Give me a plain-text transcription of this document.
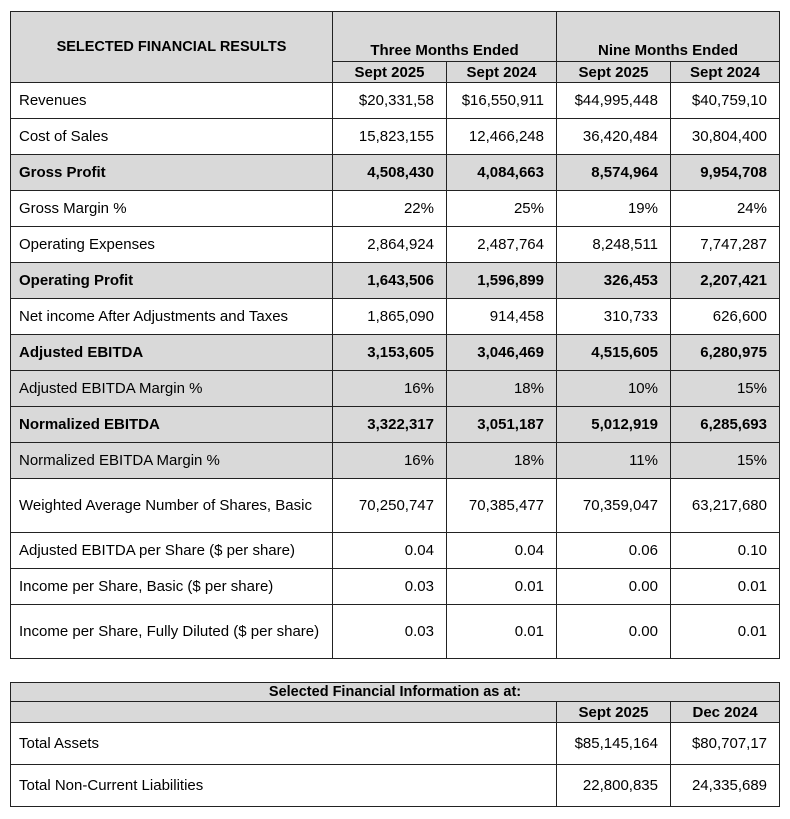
SELECTED FINANCIAL RESULTS	Three Months Ended		Nine Months Ended	
	Sept 2025	Sept 2024	Sept 2025	Sept 2024
Revenues	$20,331,58	$16,550,911	$44,995,448	$40,759,10
Cost of Sales	15,823,155	12,466,248	36,420,484	30,804,400
Gross Profit	4,508,430	4,084,663	8,574,964	9,954,708
Gross Margin %	22%	25%	19%	24%
Operating Expenses	2,864,924	2,487,764	8,248,511	7,747,287
Operating Profit	1,643,506	1,596,899	326,453	2,207,421
Net income After Adjustments and Taxes	1,865,090	914,458	310,733	626,600
Adjusted EBITDA	3,153,605	3,046,469	4,515,605	6,280,975
Adjusted EBITDA Margin %	16%	18%	10%	15%
Normalized EBITDA	3,322,317	3,051,187	5,012,919	6,285,693
Normalized EBITDA Margin %	16%	18%	11%	15%
Weighted Average Number of Shares, Basic	70,250,747	70,385,477	70,359,047	63,217,680
Adjusted EBITDA per Share ($ per share)	0.04	0.04	0.06	0.10
Income per Share, Basic ($ per share)	0.03	0.01	0.00	0.01
Income per Share, Fully Diluted ($ per share)	0.03	0.01	0.00	0.01
Selected Financial Information as at:		
	Sept 2025	Dec 2024
Total Assets	$85,145,164	$80,707,17
Total Non-Current Liabilities	22,800,835	24,335,689
